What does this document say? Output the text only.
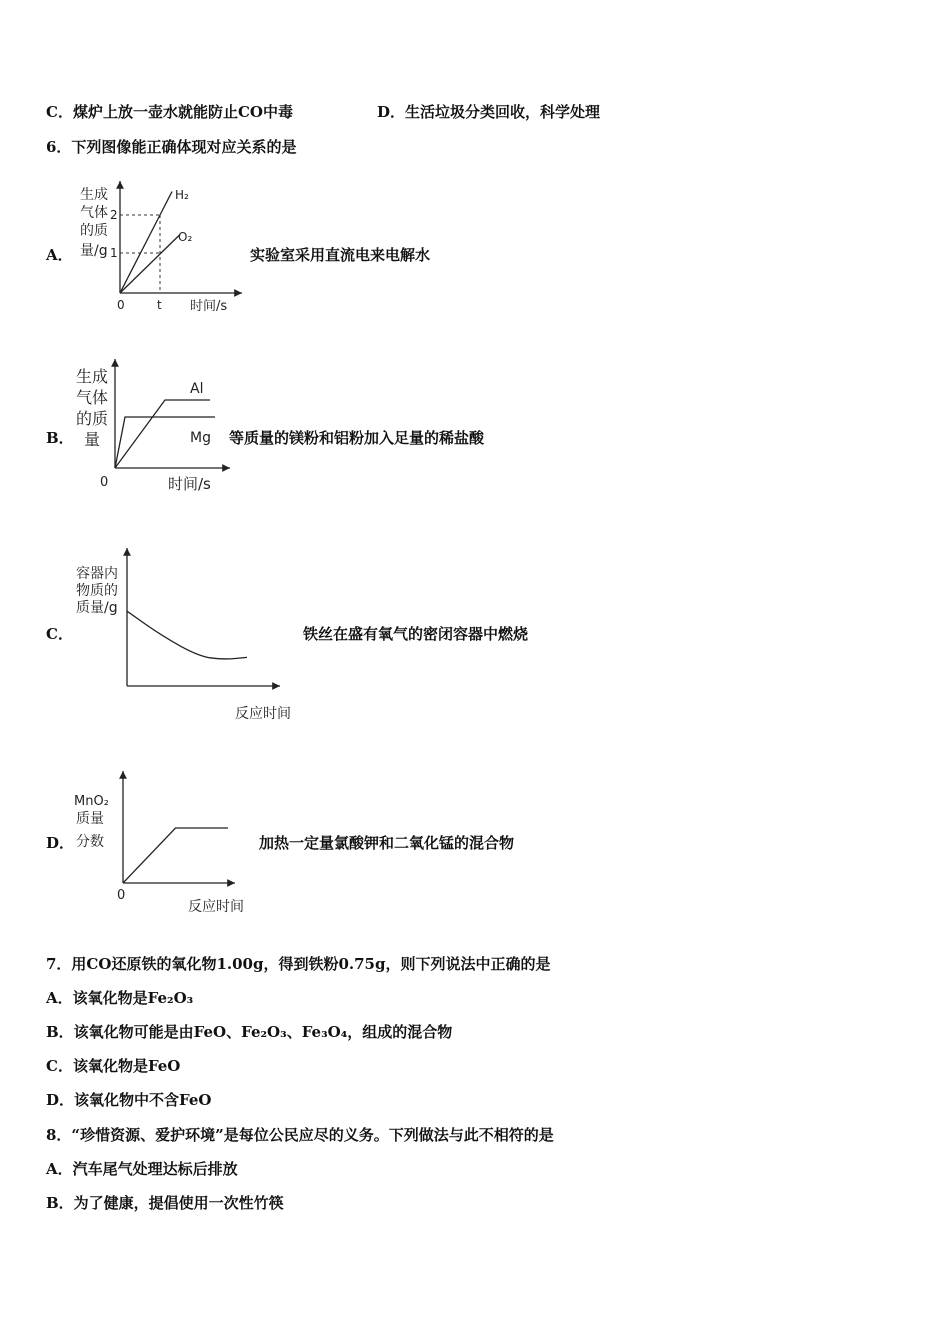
C．煤炉上放一壶水就能防止CO中毒	D．生活垃圾分类回收，科学处理
6．下列图像能正确体现对应关系的是
A．
H₂
O₂
2
1
0	t 时间/s
生成
气体
的质
量/g	实验室采用直流电来电解水
B．
Al
Mg
0	时间/s
生成
气体
的质
量	等质量的镁粉和铝粉加入足量的稀盐酸
C．
反应时间
容器内
物质的
质量/g
铁丝在盛有氧气的密闭容器中燃烧
D．
0
反应时间
MnO₂
质量
分数	加热一定量氯酸钾和二氧化锰的混合物
7．用CO还原铁的氧化物1.00g，得到铁粉0.75g，则下列说法中正确的是
A．该氧化物是Fe₂O₃
B．该氧化物可能是由FeO、Fe₂O₃、Fe₃O₄，组成的混合物
C．该氧化物是FeO
D．该氧化物中不含FeO
8．“珍惜资源、爱护环境”是每位公民应尽的义务。下列做法与此不相符的是
A．汽车尾气处理达标后排放
B．为了健康，提倡使用一次性竹筷
